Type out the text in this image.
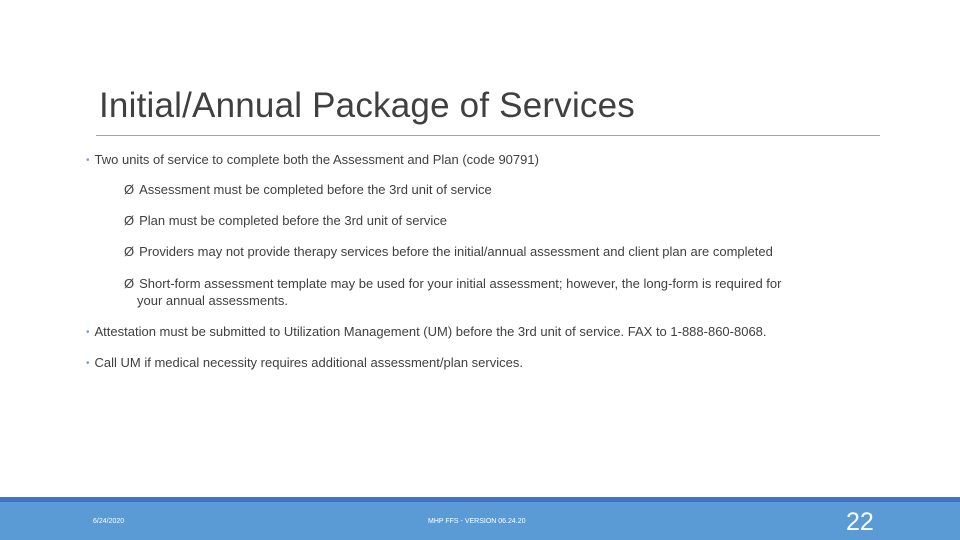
Initial/Annual Package of Services
• Two units of service to complete both the Assessment and Plan (code 90791)
Ø Assessment must be completed before the 3rd unit of service
Ø Plan must be completed before the 3rd unit of service
Ø Providers may not provide therapy services before the initial/annual assessment and client plan are completed
Ø Short-form assessment template may be used for your initial assessment; however, the long-form is required for
your annual assessments.
• Attestation must be submitted to Utilization Management (UM) before the 3rd unit of service. FAX to 1-888-860-8068.
• Call UM if medical necessity requires additional assessment/plan services.
6/24/2020	MHP FFS - VERSION 06.24.20	22
